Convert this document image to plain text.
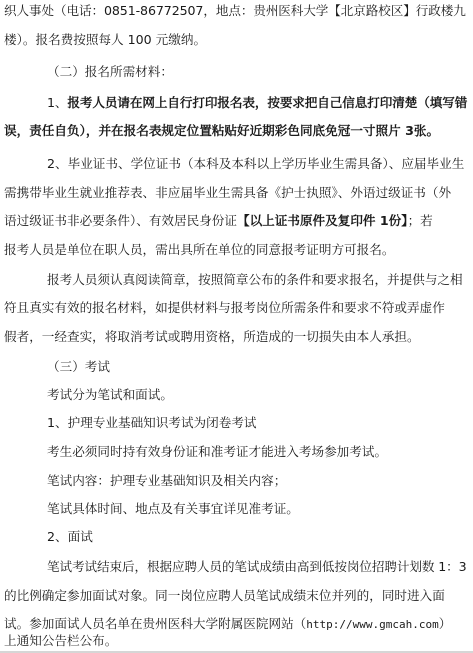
织人事处（电话：0851-86772507，地点：贵州医科大学【北京路校区】行政楼九
楼）。报名费按照每人 100 元缴纳。
（二）报名所需材料：
1、报考人员请在网上自行打印报名表，按要求把自己信息打印清楚（填写错
误，责任自负），并在报名表规定位置粘贴好近期彩色同底免冠一寸照片 3张。
2、毕业证书、学位证书（本科及本科以上学历毕业生需具备）、应届毕业生
需携带毕业生就业推荐表、非应届毕业生需具备《护士执照》、外语过级证书（外
语过级证书非必要条件）、有效居民身份证【以上证书原件及复印件 1份】；若
报考人员是单位在职人员，需出具所在单位的同意报考证明方可报名。
报考人员须认真阅读简章，按照简章公布的条件和要求报名，并提供与之相
符且真实有效的报名材料，如提供材料与报考岗位所需条件和要求不符或弄虚作
假者，一经查实，将取消考试或聘用资格，所造成的一切损失由本人承担。
（三）考试
考试分为笔试和面试。
1、护理专业基础知识考试为闭卷考试
考生必须同时持有效身份证和准考证才能进入考场参加考试。
笔试内容：护理专业基础知识及相关内容；
笔试具体时间、地点及有关事宜详见准考证。
2、面试
笔试考试结束后，根据应聘人员的笔试成绩由高到低按岗位招聘计划数 1：3
的比例确定参加面试对象。同一岗位应聘人员笔试成绩末位并列的，同时进入面
试。参加面试人员名单在贵州医科大学附属医院网站（http://www.gmcah.com）
上通知公告栏公布。
